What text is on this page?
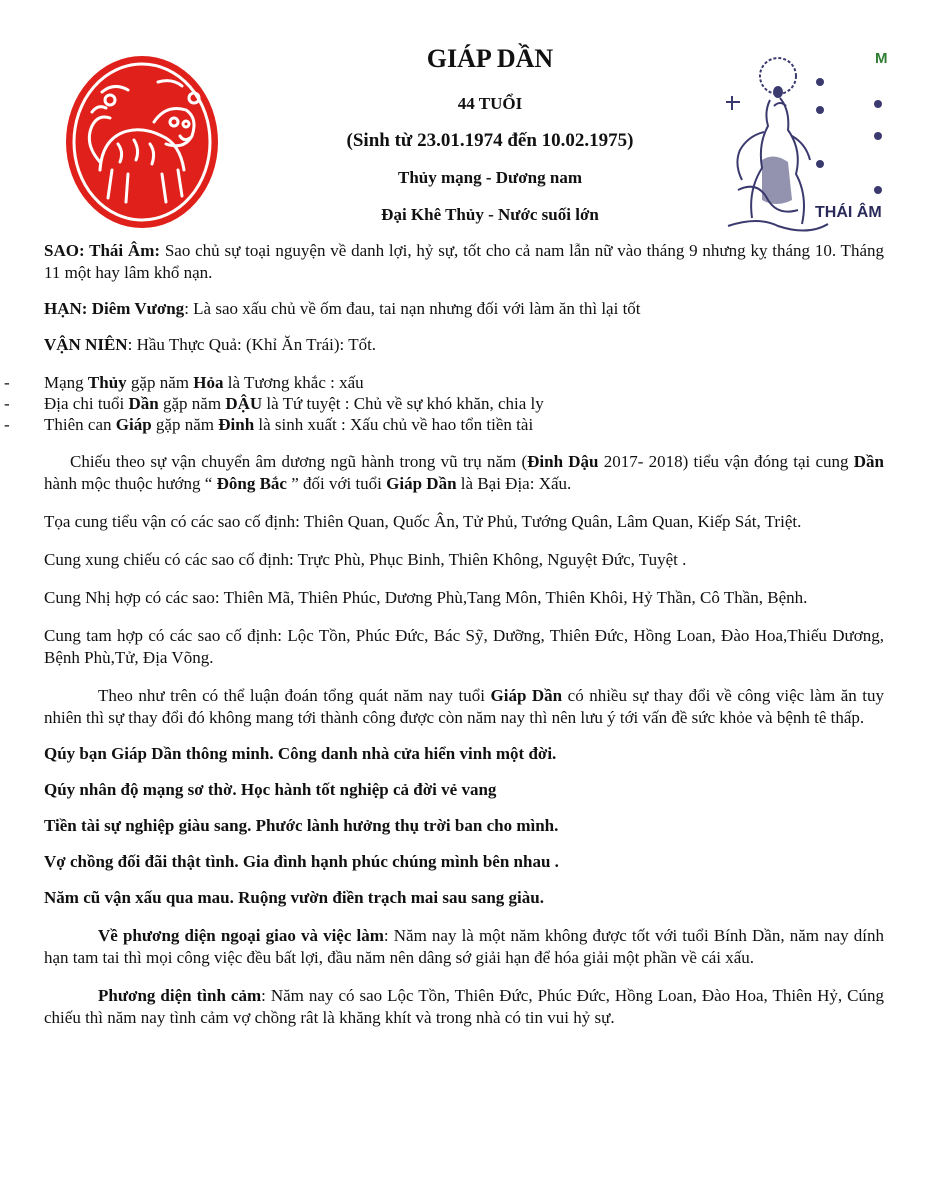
GIÁP DẦN
44 TUỔI
(Sinh từ 23.01.1974 đến 10.02.1975)
Thủy mạng - Dương nam
Đại Khê Thủy - Nước suối lớn
M
THÁI ÂM

SAO: Thái Âm: Sao chủ sự toại nguyện về danh lợi, hỷ sự, tốt cho cả nam lẫn nữ vào tháng 9 nhưng kỵ tháng 10. Tháng 11 một hay lâm khổ nạn.

HẠN: Diêm Vương: Là sao xấu chủ về ốm đau, tai nạn nhưng đối với làm ăn thì lại tốt

VẬN NIÊN: Hầu Thực Quả: (Khỉ Ăn Trái): Tốt.

- Mạng Thủy gặp năm Hỏa là Tương khắc : xấu
- Địa chi tuổi Dần gặp năm DẬU là Tứ tuyệt : Chủ về sự khó khăn, chia ly
- Thiên can Giáp gặp năm Đinh là sinh xuất : Xấu chủ về hao tổn tiền tài

Chiếu theo sự vận chuyển âm dương ngũ hành trong vũ trụ năm (Đinh Dậu 2017- 2018) tiểu vận đóng tại cung Dần hành mộc thuộc hướng “ Đông Bắc ” đối với tuổi Giáp Dần là Bại Địa: Xấu.

Tọa cung tiểu vận có các sao cố định: Thiên Quan, Quốc Ân, Tử Phủ, Tướng Quân, Lâm Quan, Kiếp Sát, Triệt.

Cung xung chiếu có các sao cố định: Trực Phù, Phục Binh, Thiên Không, Nguyệt Đức, Tuyệt .

Cung Nhị hợp có các sao: Thiên Mã, Thiên Phúc, Dương Phù,Tang Môn, Thiên Khôi, Hỷ Thần, Cô Thần, Bệnh.

Cung tam hợp có các sao cố định: Lộc Tồn, Phúc Đức, Bác Sỹ, Dưỡng, Thiên Đức, Hồng Loan, Đào Hoa,Thiếu Dương, Bệnh Phù,Tử, Địa Võng.

Theo như trên có thể luận đoán tổng quát năm nay tuổi Giáp Dần có nhiều sự thay đổi về công việc làm ăn tuy nhiên thì sự thay đổi đó không mang tới thành công được còn năm nay thì nên lưu ý tới vấn đề sức khỏe và bệnh tê thấp.

Qúy bạn Giáp Dần thông minh. Công danh nhà cửa hiển vinh một đời.

Qúy nhân độ mạng sơ thờ. Học hành tốt nghiệp cả đời vẻ vang

Tiền tài sự nghiệp giàu sang. Phước lành hưởng thụ trời ban cho mình.

Vợ chồng đối đãi thật tình. Gia đình hạnh phúc chúng mình bên nhau .

Năm cũ vận xấu qua mau. Ruộng vườn điền trạch mai sau sang giàu.

Về phương diện ngoại giao và việc làm: Năm nay là một năm không được tốt với tuổi Bính Dần, năm nay dính hạn tam tai thì mọi công việc đều bất lợi, đầu năm nên dâng sớ giải hạn để hóa giải một phần về cái xấu.

Phương diện tình cảm: Năm nay có sao Lộc Tồn, Thiên Đức, Phúc Đức, Hồng Loan, Đào Hoa, Thiên Hỷ, Cúng chiếu thì năm nay tình cảm vợ chồng rât là khăng khít và trong nhà có tin vui hỷ sự.
